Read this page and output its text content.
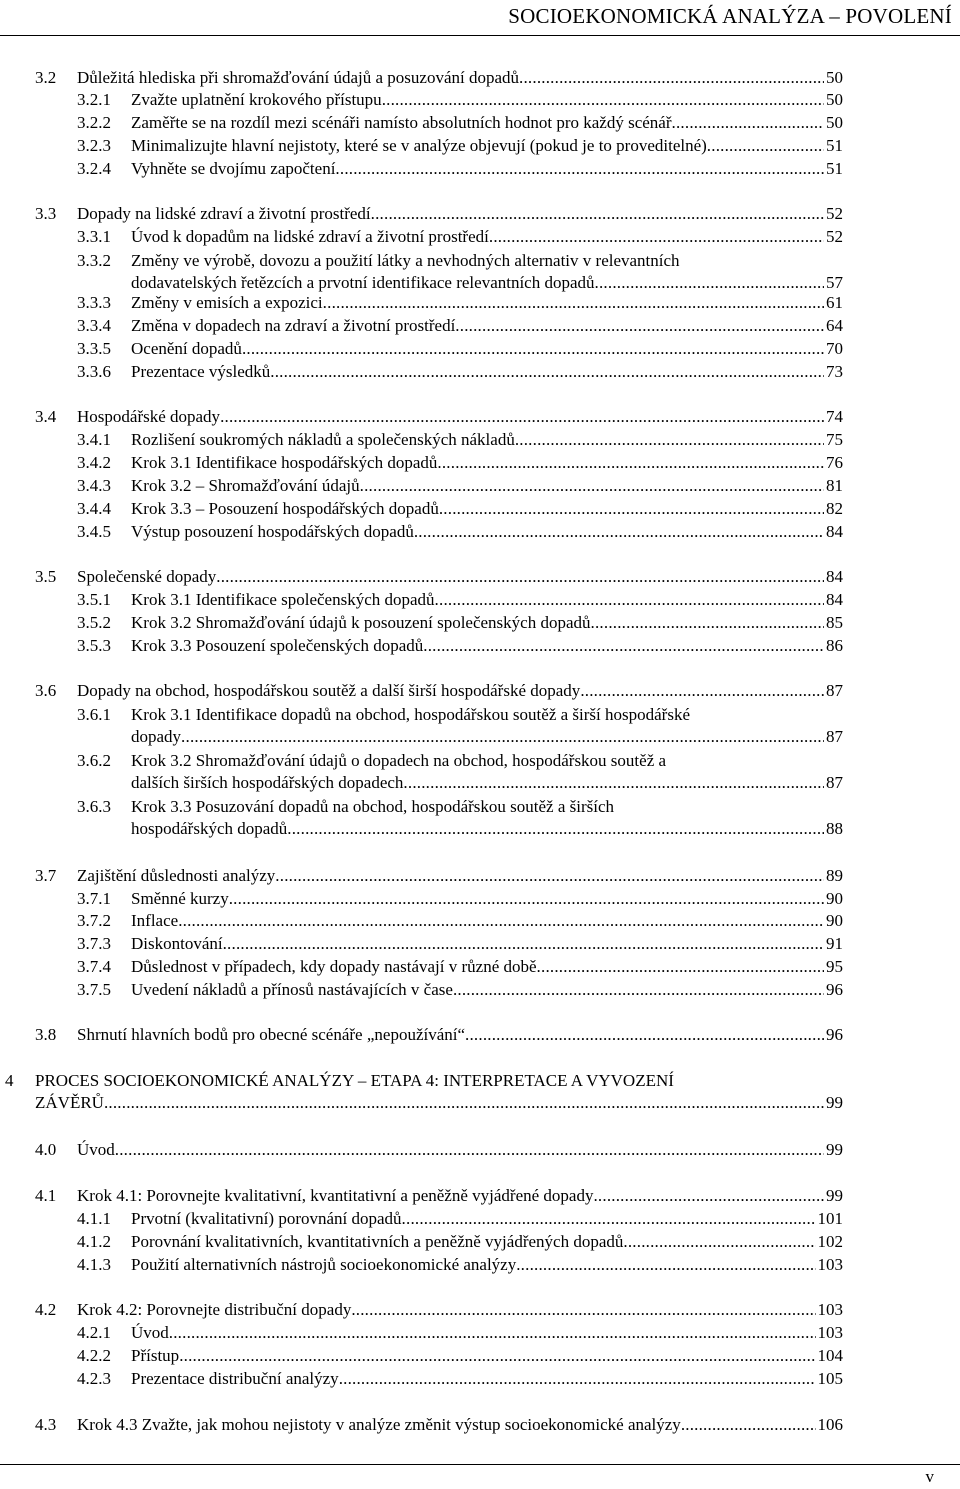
SOCIOEKONOMICKÁ ANALÝZA – POVOLENÍ
3.2 Důležitá hlediska při shromažďování údajů a posuzování dopadů .....	50
3.2.1 Zvažte uplatnění krokového přístupu .....	50
3.2.2 Zaměřte se na rozdíl mezi scénáři namísto absolutních hodnot pro každý scénář .....	50
3.2.3 Minimalizujte hlavní nejistoty, které se v analýze objevují (pokud je to proveditelné) .....	51
3.2.4 Vyhněte se dvojímu započtení .....	51
3.3 Dopady na lidské zdraví a životní prostředí .....	52
3.3.1 Úvod k dopadům na lidské zdraví a životní prostředí .....	52
3.3.2 Změny ve výrobě, dovozu a použití látky a nevhodných alternativ v relevantních
dodavatelských řetězcích a prvotní identifikace relevantních dopadů .....	57
3.3.3 Změny v emisích a expozici .....	61
3.3.4 Změna v dopadech na zdraví a životní prostředí .....	64
3.3.5 Ocenění dopadů .....	70
3.3.6 Prezentace výsledků .....	73
3.4 Hospodářské dopady .....	74
3.4.1 Rozlišení soukromých nákladů a společenských nákladů .....	75
3.4.2 Krok 3.1 Identifikace hospodářských dopadů .....	76
3.4.3 Krok 3.2 – Shromažďování údajů .....	81
3.4.4 Krok 3.3 – Posouzení hospodářských dopadů .....	82
3.4.5 Výstup posouzení hospodářských dopadů .....	84
3.5 Společenské dopady .....	84
3.5.1 Krok 3.1 Identifikace společenských dopadů .....	84
3.5.2 Krok 3.2 Shromažďování údajů k posouzení společenských dopadů .....	85
3.5.3 Krok 3.3 Posouzení společenských dopadů .....	86
3.6 Dopady na obchod, hospodářskou soutěž a další širší hospodářské dopady .....	87
3.6.1 Krok 3.1 Identifikace dopadů na obchod, hospodářskou soutěž a širší hospodářské
dopady .....	87
3.6.2 Krok 3.2 Shromažďování údajů o dopadech na obchod, hospodářskou soutěž a
dalších širších hospodářských dopadech .....	87
3.6.3 Krok 3.3 Posuzování dopadů na obchod, hospodářskou soutěž a širších
hospodářských dopadů .....	88
3.7 Zajištění důslednosti analýzy .....	89
3.7.1 Směnné kurzy .....	90
3.7.2 Inflace .....	90
3.7.3 Diskontování .....	91
3.7.4 Důslednost v případech, kdy dopady nastávají v různé době .....	95
3.7.5 Uvedení nákladů a přínosů nastávajících v čase .....	96
3.8 Shrnutí hlavních bodů pro obecné scénáře „nepoužívání“ .....	96
4 PROCES SOCIOEKONOMICKÉ ANALÝZY – ETAPA 4: INTERPRETACE A VYVOZENÍ
ZÁVĚRŮ .....	99
4.0 Úvod .....	99
4.1 Krok 4.1: Porovnejte kvalitativní, kvantitativní a peněžně vyjádřené dopady .....	99
4.1.1 Prvotní (kvalitativní) porovnání dopadů .....	101
4.1.2 Porovnání kvalitativních, kvantitativních a peněžně vyjádřených dopadů .....	102
4.1.3 Použití alternativních nástrojů socioekonomické analýzy .....	103
4.2 Krok 4.2: Porovnejte distribuční dopady .....	103
4.2.1 Úvod .....	103
4.2.2 Přístup .....	104
4.2.3 Prezentace distribuční analýzy .....	105
4.3 Krok 4.3 Zvažte, jak mohou nejistoty v analýze změnit výstup socioekonomické analýzy .....	106
v
